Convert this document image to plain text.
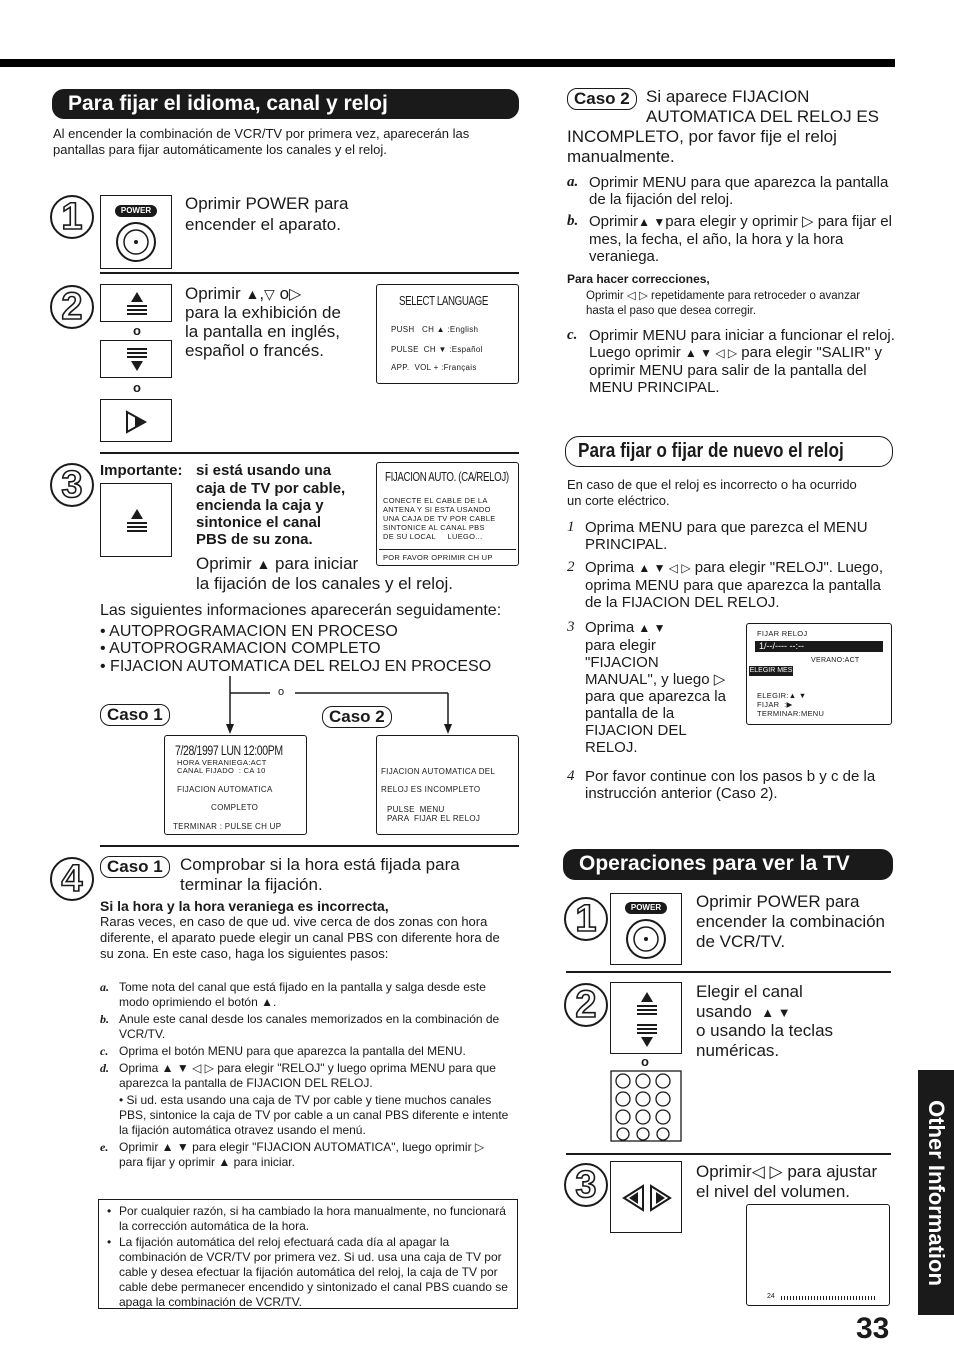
Para fijar el idioma, canal y reloj
Al encender la combinación de VCR/TV por primera vez, aparecerán las pantallas para fijar automáticamente los canales y el reloj.
1	POWER	Oprimir POWER para
encender el aparato.
2
o
o
Oprimir ▲,▽ o▷
para la exhibición de
la pantalla en inglés,
español o francés.
SELECT LANGUAGE
PUSH   CH ▲ :English
PULSE  CH ▼ :Español
APP.  VOL + :Français
3	Importante: si está usando una
caja de TV por cable,
encienda la caja y
sintonice el canal
PBS de su zona.
Oprimir ▲ para iniciar
la fijación de los canales y el reloj.
FIJACION AUTO. (CA/RELOJ)
CONECTE EL CABLE DE LA
ANTENA Y SI ESTA USANDO
UNA CAJA DE TV POR CABLE
SINTONICE AL CANAL PBS
DE SU LOCAL     LUEGO...
POR FAVOR OPRIMIR CH UP
Las siguientes informaciones aparecerán seguidamente:
• AUTOPROGRAMACION EN PROCESO
• AUTOPROGRAMACION COMPLETO
• FIJACION AUTOMATICA DEL RELOJ EN PROCESO
o
Caso 1	Caso 2
7/28/1997 LUN 12:00PM
HORA VERANIEGA:ACT
CANAL FIJADO  : CA 10
FIJACION AUTOMATICA
COMPLETO
TERMINAR : PULSE CH UP
FIJACION AUTOMATICA DEL
RELOJ ES INCOMPLETO
PULSE  MENU
PARA  FIJAR EL RELOJ
4	Caso 1	Comprobar si la hora está fijada para
terminar la fijación.
Si la hora y la hora veraniega es incorrecta,
Raras veces, en caso de que ud. vive cerca de dos zonas con hora diferente, el aparato puede elegir un canal PBS con diferente hora de su zona. En este caso, haga los siguientes pasos:
a. Tome nota del canal que está fijado en la pantalla y salga desde este modo oprimiendo el botón ▲.
b. Anule este canal desde los canales memorizados en la combinación de VCR/TV.
c. Oprima el botón MENU para que aparezca la pantalla del MENU.
d. Oprima ▲ ▼ ◁ ▷ para elegir "RELOJ" y luego oprima MENU para que aparezca la pantalla de FIJACION DEL RELOJ.
• Si ud. esta usando una caja de TV por cable y tiene muchos canales PBS, sintonice la caja de TV por cable a un canal PBS diferente e intente la fijación automática otravez usando el menú.
e. Oprimir ▲ ▼ para elegir "FIJACION AUTOMATICA", luego oprimir ▷ para fijar y oprimir ▲ para iniciar.
• Por cualquier razón, si ha cambiado la hora manualmente, no funcionará la corrección automática de la hora.
• La fijación automática del reloj efectuará cada día al apagar la combinación de VCR/TV por primera vez. Si ud. usa una caja de TV por cable y desea efectuar la fijación automática del reloj, la caja de TV por cable debe permanecer encendido y sintonizado el canal PBS cuando se apaga la combinación de VCR/TV.
Caso 2 Si aparece FIJACION
AUTOMATICA DEL RELOJ ES
INCOMPLETO, por favor fije el reloj
manualmente.
a. Oprimir MENU para que aparezca la pantalla de la fijación del reloj.
b. Oprimir▲ ▼para elegir y oprimir ▷ para fijar el mes, la fecha, el año, la hora y la hora veraniega.
Para hacer correcciones,
Oprimir ◁ ▷ repetidamente para retroceder o avanzar hasta el paso que desea corregir.
c. Oprimir MENU para iniciar a funcionar el reloj. Luego oprimir ▲ ▼ ◁ ▷ para elegir "SALIR" y oprimir MENU para salir de la pantalla del MENU PRINCIPAL.
Para fijar o fijar de nuevo el reloj
En caso de que el reloj es incorrecto o ha ocurrido un corte eléctrico.
1 Oprima MENU para que parezca el MENU PRINCIPAL.
2 Oprima ▲ ▼ ◁ ▷ para elegir "RELOJ". Luego, oprima MENU para que aparezca la pantalla de la FIJACION DEL RELOJ.
3 Oprima ▲ ▼
para elegir
"FIJACION
MANUAL", y luego ▷
para que aparezca la
pantalla de la
FIJACION DEL
RELOJ.
FIJAR RELOJ
1/--/---- --:--
VERANO:ACT
ELEGIR MES
ELEGIR:▲ ▼
FIJAR  :▶
TERMINAR:MENU
4 Por favor continue con los pasos b y c de la instrucción anterior (Caso 2).
Operaciones para ver la TV
1	POWER	Oprimir POWER para
encender la combinación
de VCR/TV.
2
o
Elegir el canal
usando ▲ ▼
o usando la teclas
numéricas.
3	Oprimir◁ ▷ para ajustar
el nivel del volumen.
24
Other Information
33
